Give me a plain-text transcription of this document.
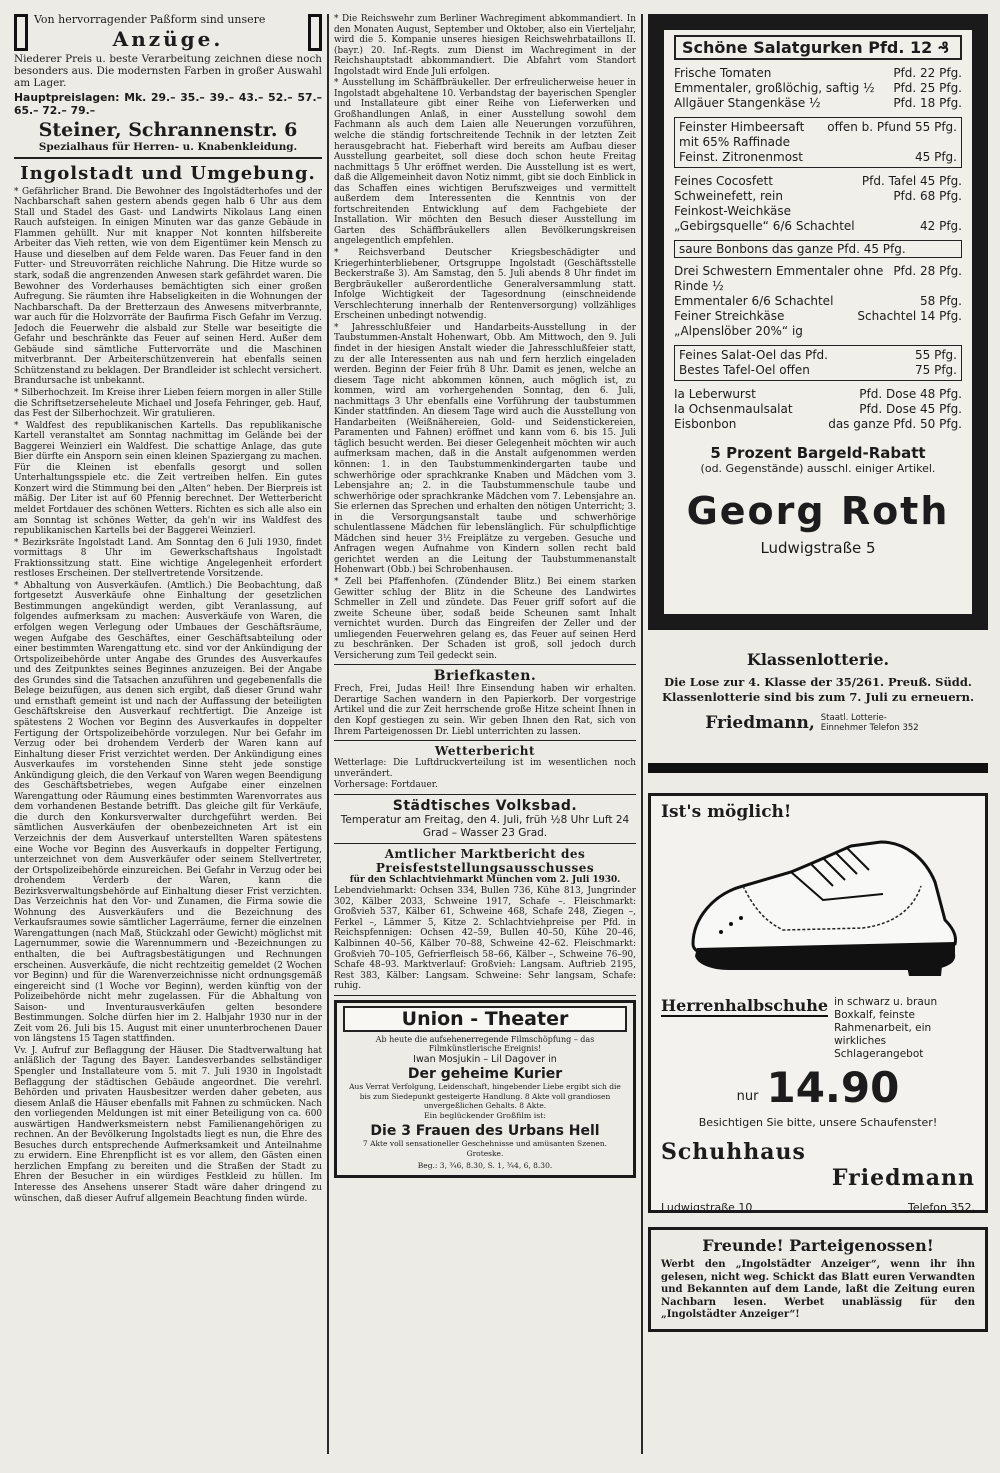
Von hervorragender Paßform sind unsere
Anzüge.
Niederer Preis u. beste Verarbeitung zeichnen diese noch besonders aus. Die modernsten Farben in großer Auswahl am Lager.
Hauptpreislagen: Mk. 29.– 35.– 39.– 43.– 52.– 57.– 65.– 72.– 79.–
Steiner, Schrannenstr. 6
Spezialhaus für Herren- u. Knabenkleidung.
Ingolstadt und Umgebung.
* Gefährlicher Brand. Die Bewohner des Ingolstädterhofes und der Nachbarschaft sahen gestern abends gegen halb 6 Uhr aus dem Stall und Stadel des Gast- und Landwirts Nikolaus Lang einen Rauch aufsteigen. In einigen Minuten war das ganze Gebäude in Flammen gehüllt. Nur mit knapper Not konnten hilfsbereite Arbeiter das Vieh retten, wie von dem Eigentümer kein Mensch zu Hause und dieselben auf dem Felde waren. Das Feuer fand in den Futter- und Streuvorräten reichliche Nahrung. Die Hitze wurde so stark, sodaß die angrenzenden Anwesen stark gefährdet waren. Die Bewohner des Vorderhauses bemächtigten sich einer großen Aufregung. Sie räumten ihre Habseligkeiten in die Wohnungen der Nachbarschaft. Da der Bretterzaun des Anwesens mitverbrannte, war auch für die Holzvorräte der Baufirma Fisch Gefahr im Verzug. Jedoch die Feuerwehr die alsbald zur Stelle war beseitigte die Gefahr und beschränkte das Feuer auf seinen Herd. Außer dem Gebäude sind sämtliche Futtervorräte und die Maschinen mitverbrannt. Der Arbeiterschützenverein hat ebenfalls seinen Schützenstand zu beklagen. Der Brandleider ist schlecht versichert. Brandursache ist unbekannt.
* Silberhochzeit. Im Kreise ihrer Lieben feiern morgen in aller Stille die Schriftsetzerseheleute Michael und Josefa Fehringer, geb. Hauf, das Fest der Silberhochzeit. Wir gratulieren.
* Waldfest des republikanischen Kartells. Das republikanische Kartell veranstaltet am Sonntag nachmittag im Gelände bei der Baggerei Weinzierl ein Waldfest. Die schattige Anlage, das gute Bier dürfte ein Ansporn sein einen kleinen Spaziergang zu machen. Für die Kleinen ist ebenfalls gesorgt und sollen Unterhaltungsspiele etc. die Zeit vertreiben helfen. Ein gutes Konzert wird die Stimmung bei den „Alten“ heben. Der Bierpreis ist mäßig. Der Liter ist auf 60 Pfennig berechnet. Der Wetterbericht meldet Fortdauer des schönen Wetters. Richten es sich alle also ein am Sonntag ist schönes Wetter, da geh'n wir ins Waldfest des republikanischen Kartells bei der Baggerei Weinzierl.
* Bezirksräte Ingolstadt Land. Am Sonntag den 6 Juli 1930, findet vormittags 8 Uhr im Gewerkschaftshaus Ingolstadt Fraktionssitzung statt. Eine wichtige Angelegenheit erfordert restloses Erscheinen. Der stellvertretende Vorsitzende.
* Abhaltung von Ausverkäufen. (Amtlich.) Die Beobachtung, daß fortgesetzt Ausverkäufe ohne Einhaltung der gesetzlichen Bestimmungen angekündigt werden, gibt Veranlassung, auf folgendes aufmerksam zu machen: Ausverkäufe von Waren, die erfolgen wegen Verlegung oder Umbaues der Geschäftsräume, wegen Aufgabe des Geschäftes, einer Geschäftsabteilung oder einer bestimmten Warengattung etc. sind vor der Ankündigung der Ortspolizeibehörde unter Angabe des Grundes des Ausverkaufes und des Zeitpunktes seines Beginnes anzuzeigen. Bei der Angabe des Grundes sind die Tatsachen anzuführen und gegebenenfalls die Belege beizufügen, aus denen sich ergibt, daß dieser Grund wahr und ernsthaft gemeint ist und nach der Auffassung der beteiligten Geschäftskreise den Ausverkauf rechtfertigt. Die Anzeige ist spätestens 2 Wochen vor Beginn des Ausverkaufes in doppelter Fertigung der Ortspolizeibehörde vorzulegen. Nur bei Gefahr im Verzug oder bei drohendem Verderb der Waren kann auf Einhaltung dieser Frist verzichtet werden. Der Ankündigung eines Ausverkaufes im vorstehenden Sinne steht jede sonstige Ankündigung gleich, die den Verkauf von Waren wegen Beendigung des Geschäftsbetriebes, wegen Aufgabe einer einzelnen Warengattung oder Räumung eines bestimmten Warenvorrates aus dem vorhandenen Bestande betrifft. Das gleiche gilt für Verkäufe, die durch den Konkursverwalter durchgeführt werden. Bei sämtlichen Ausverkäufen der obenbezeichneten Art ist ein Verzeichnis der dem Ausverkauf unterstellten Waren spätestens eine Woche vor Beginn des Ausverkaufs in doppelter Fertigung, unterzeichnet von dem Ausverkäufer oder seinem Stellvertreter, der Ortspolizeibehörde einzureichen. Bei Gefahr in Verzug oder bei drohendem Verderb der Waren, kann die Bezirksverwaltungsbehörde auf Einhaltung dieser Frist verzichten. Das Verzeichnis hat den Vor- und Zunamen, die Firma sowie die Wohnung des Ausverkäufers und die Bezeichnung des Verkaufsraumes sowie sämtlicher Lagerräume, ferner die einzelnen Warengattungen (nach Maß, Stückzahl oder Gewicht) möglichst mit Lagernummer, sowie die Warennummern und -Bezeichnungen zu enthalten, die bei Auftragsbestätigungen und Rechnungen erscheinen. Ausverkäufe, die nicht rechtzeitig gemeldet (2 Wochen vor Beginn) und für die Warenverzeichnisse nicht ordnungsgemäß eingereicht sind (1 Woche vor Beginn), werden künftig von der Polizeibehörde nicht mehr zugelassen. Für die Abhaltung von Saison- und Inventurausverkäufen gelten besondere Bestimmungen. Solche dürfen hier im 2. Halbjahr 1930 nur in der Zeit vom 26. Juli bis 15. August mit einer ununterbrochenen Dauer von längstens 15 Tagen stattfinden.
Vv. J. Aufruf zur Beflaggung der Häuser. Die Stadtverwaltung hat anläßlich der Tagung des Bayer. Landesverbandes selbständiger Spengler und Installateure vom 5. mit 7. Juli 1930 in Ingolstadt Beflaggung der städtischen Gebäude angeordnet. Die verehrl. Behörden und privaten Hausbesitzer werden daher gebeten, aus diesem Anlaß die Häuser ebenfalls mit Fahnen zu schmücken. Nach den vorliegenden Meldungen ist mit einer Beteiligung von ca. 600 auswärtigen Handwerksmeistern nebst Familienangehörigen zu rechnen. An der Bevölkerung Ingolstadts liegt es nun, die Ehre des Besuches durch entsprechende Aufmerksamkeit und Anteilnahme zu erwidern. Eine Ehrenpflicht ist es vor allem, den Gästen einen herzlichen Empfang zu bereiten und die Straßen der Stadt zu Ehren der Besucher in ein würdiges Festkleid zu hüllen. Im Interesse des Ansehens unserer Stadt wäre daher dringend zu wünschen, daß dieser Aufruf allgemein Beachtung finden würde.
* Die Reichswehr zum Berliner Wachregiment abkommandiert. In den Monaten August, September und Oktober, also ein Vierteljahr, wird die 5. Kompanie unseres hiesigen Reichswehrbataillons II. (bayr.) 20. Inf.-Regts. zum Dienst im Wachregiment in der Reichshauptstadt abkommandiert. Die Abfahrt vom Standort Ingolstadt wird Ende Juli erfolgen.
* Ausstellung im Schäffbräukeller. Der erfreulicherweise heuer in Ingolstadt abgehaltene 10. Verbandstag der bayerischen Spengler und Installateure gibt einer Reihe von Lieferwerken und Großhandlungen Anlaß, in einer Ausstellung sowohl dem Fachmann als auch dem Laien alle Neuerungen vorzuführen, welche die ständig fortschreitende Technik in der letzten Zeit herausgebracht hat. Fieberhaft wird bereits am Aufbau dieser Ausstellung gearbeitet, soll diese doch schon heute Freitag nachmittags 5 Uhr eröffnet werden. Die Ausstellung ist es wert, daß die Allgemeinheit davon Notiz nimmt, gibt sie doch Einblick in das Schaffen eines wichtigen Berufszweiges und vermittelt außerdem dem Interessenten die Kenntnis von der fortschreitenden Entwicklung auf dem Fachgebiete der Installation. Wir möchten den Besuch dieser Ausstellung im Garten des Schäffbräukellers allen Bevölkerungskreisen angelegentlich empfehlen.
* Reichsverband Deutscher Kriegsbeschädigter und Kriegerhinterbliebener, Ortsgruppe Ingolstadt (Geschäftsstelle Beckerstraße 3). Am Samstag, den 5. Juli abends 8 Uhr findet im Bergbräukeller außerordentliche Generalversammlung statt. Infolge Wichtigkeit der Tagesordnung (einschneidende Verschlechterung innerhalb der Rentenversorgung) vollzähliges Erscheinen unbedingt notwendig.
* Jahresschlußfeier und Handarbeits-Ausstellung in der Taubstummen-Anstalt Hohenwart, Obb. Am Mittwoch, den 9. Juli findet in der hiesigen Anstalt wieder die Jahresschlußfeier statt, zu der alle Interessenten aus nah und fern herzlich eingeladen werden. Beginn der Feier früh 8 Uhr. Damit es jenen, welche an diesem Tage nicht abkommen können, auch möglich ist, zu kommen, wird am vorhergehenden Sonntag, den 6. Juli, nachmittags 3 Uhr ebenfalls eine Vorführung der taubstummen Kinder stattfinden. An diesem Tage wird auch die Ausstellung von Handarbeiten (Weißnähereien, Gold- und Seidenstickereien, Paramenten und Fahnen) eröffnet und kann vom 6. bis 15. Juli täglich besucht werden. Bei dieser Gelegenheit möchten wir auch aufmerksam machen, daß in die Anstalt aufgenommen werden können: 1. in den Taubstummenkindergarten taube und schwerhörige oder sprachkranke Knaben und Mädchen vom 3. Lebensjahre an; 2. in die Taubstummenschule taube und schwerhörige oder sprachkranke Mädchen vom 7. Lebensjahre an. Sie erlernen das Sprechen und erhalten den nötigen Unterricht; 3. in die Versorgungsanstalt taube und schwerhörige schulentlassene Mädchen für lebenslänglich. Für schulpflichtige Mädchen sind heuer 3½ Freiplätze zu vergeben. Gesuche und Anfragen wegen Aufnahme von Kindern sollen recht bald gerichtet werden an die Leitung der Taubstummenanstalt Hohenwart (Obb.) bei Schrobenhausen.
* Zell bei Pfaffenhofen. (Zündender Blitz.) Bei einem starken Gewitter schlug der Blitz in die Scheune des Landwirtes Schmeller in Zell und zündete. Das Feuer griff sofort auf die zweite Scheune über, sodaß beide Scheunen samt Inhalt vernichtet wurden. Durch das Eingreifen der Zeller und der umliegenden Feuerwehren gelang es, das Feuer auf seinen Herd zu beschränken. Der Schaden ist groß, soll jedoch durch Versicherung zum Teil gedeckt sein.
Briefkasten.
Frech, Frei, Judas Heil! Ihre Einsendung haben wir erhalten. Derartige Sachen wandern in den Papierkorb. Der vorgestrige Artikel und die zur Zeit herrschende große Hitze scheint Ihnen in den Kopf gestiegen zu sein. Wir geben Ihnen den Rat, sich von Ihrem Parteigenossen Dr. Liebl unterrichten zu lassen.
Wetterbericht
Wetterlage: Die Luftdruckverteilung ist im wesentlichen noch unverändert.
Vorhersage: Fortdauer.
Städtisches Volksbad.
Temperatur am Freitag, den 4. Juli, früh ½8 Uhr Luft 24 Grad – Wasser 23 Grad.
Amtlicher Marktbericht des Preisfeststellungsausschusses
für den Schlachtviehmarkt München vom 2. Juli 1930.
Lebendviehmarkt: Ochsen 334, Bullen 736, Kühe 813, Jungrinder 302, Kälber 2033, Schweine 1917, Schafe –. Fleischmarkt: Großvieh 537, Kälber 61, Schweine 468, Schafe 248, Ziegen –, Ferkel –, Lämmer 5, Kitze 2. Schlachtviehpreise per Pfd. in Reichspfennigen: Ochsen 42–59, Bullen 40–50, Kühe 20–46, Kalbinnen 40–56, Kälber 70–88, Schweine 42–62. Fleischmarkt: Großvieh 70–105, Gefrierfleisch 58–66, Kälber –, Schweine 76–90, Schafe 48–93. Marktverlauf: Großvieh: Langsam. Auftrieb 2195, Rest 383, Kälber: Langsam. Schweine: Sehr langsam, Schafe: ruhig.
Union - Theater
Ab heute die aufsehenerregende Filmschöpfung – das Filmkünstlerische Ereignis!
Iwan Mosjukin – Lil Dagover in
Der geheime Kurier
Aus Verrat Verfolgung, Leidenschaft, hingebender Liebe ergibt sich die bis zum Siedepunkt gesteigerte Handlung. 8 Akte voll grandiosen unvergeßlichen Gehalts. 8 Akte.
Ein beglückender Großfilm ist:
Die 3 Frauen des Urbans Hell
7 Akte voll sensationeller Geschehnisse und amüsanten Szenen.
Groteske.
Beg.: 3, ¾6, 8.30, S. 1, ¾4, 6, 8.30.
Schöne Salatgurken Pfd. 12 ₰
Frische Tomaten	Pfd. 22 Pfg.
Emmentaler, großlöchig, saftig ½	Pfd. 25 Pfg.
Allgäuer Stangenkäse ½	Pfd. 18 Pfg.
Feinster Himbeersaft mit 65% Raffinade
offen b. Pfund 55 Pfg.
Feinst. Zitronenmost	45 Pfg.
Feines Cocosfett	Pfd. Tafel 45 Pfg.
Schweinefett, rein	Pfd. 68 Pfg.
Feinkost-Weichkäse
„Gebirgsquelle“ 6/6 Schachtel	42 Pfg.
saure Bonbons das ganze Pfd. 45 Pfg.
Drei Schwestern Emmentaler ohne Rinde ½
Pfd. 28 Pfg.
Emmentaler 6/6 Schachtel	58 Pfg.
Feiner Streichkäse „Alpenslöber 20%“ ig
Schachtel 14 Pfg.
Feines Salat-Oel das Pfd.	55 Pfg.
Bestes Tafel-Oel offen	75 Pfg.
Ia Leberwurst	Pfd. Dose 48 Pfg.
Ia Ochsenmaulsalat	Pfd. Dose 45 Pfg.
Eisbonbon	das ganze Pfd. 50 Pfg.
5 Prozent Bargeld-Rabatt
(od. Gegenstände) ausschl. einiger Artikel.
Georg Roth
Ludwigstraße 5
Klassenlotterie.
Die Lose zur 4. Klasse der 35/261. Preuß. Südd. Klassenlotterie sind bis zum 7. Juli zu erneuern.
Friedmann, Staatl. Lotterie-Einnehmer Telefon 352
Ist's möglich!
Herrenhalbschuhe in schwarz u. braun Boxkalf, feinste Rahmenarbeit, ein wirkliches Schlagerangebot
nur 14.90
Besichtigen Sie bitte, unsere Schaufenster!
Schuhhaus
Friedmann
Ludwigstraße 10	Telefon 352.
Freunde! Parteigenossen!
Werbt den „Ingolstädter Anzeiger“, wenn ihr ihn gelesen, nicht weg. Schickt das Blatt euren Verwandten und Bekannten auf dem Lande, laßt die Zeitung euren Nachbarn lesen. Werbet unablässig für den „Ingolstädter Anzeiger“!
